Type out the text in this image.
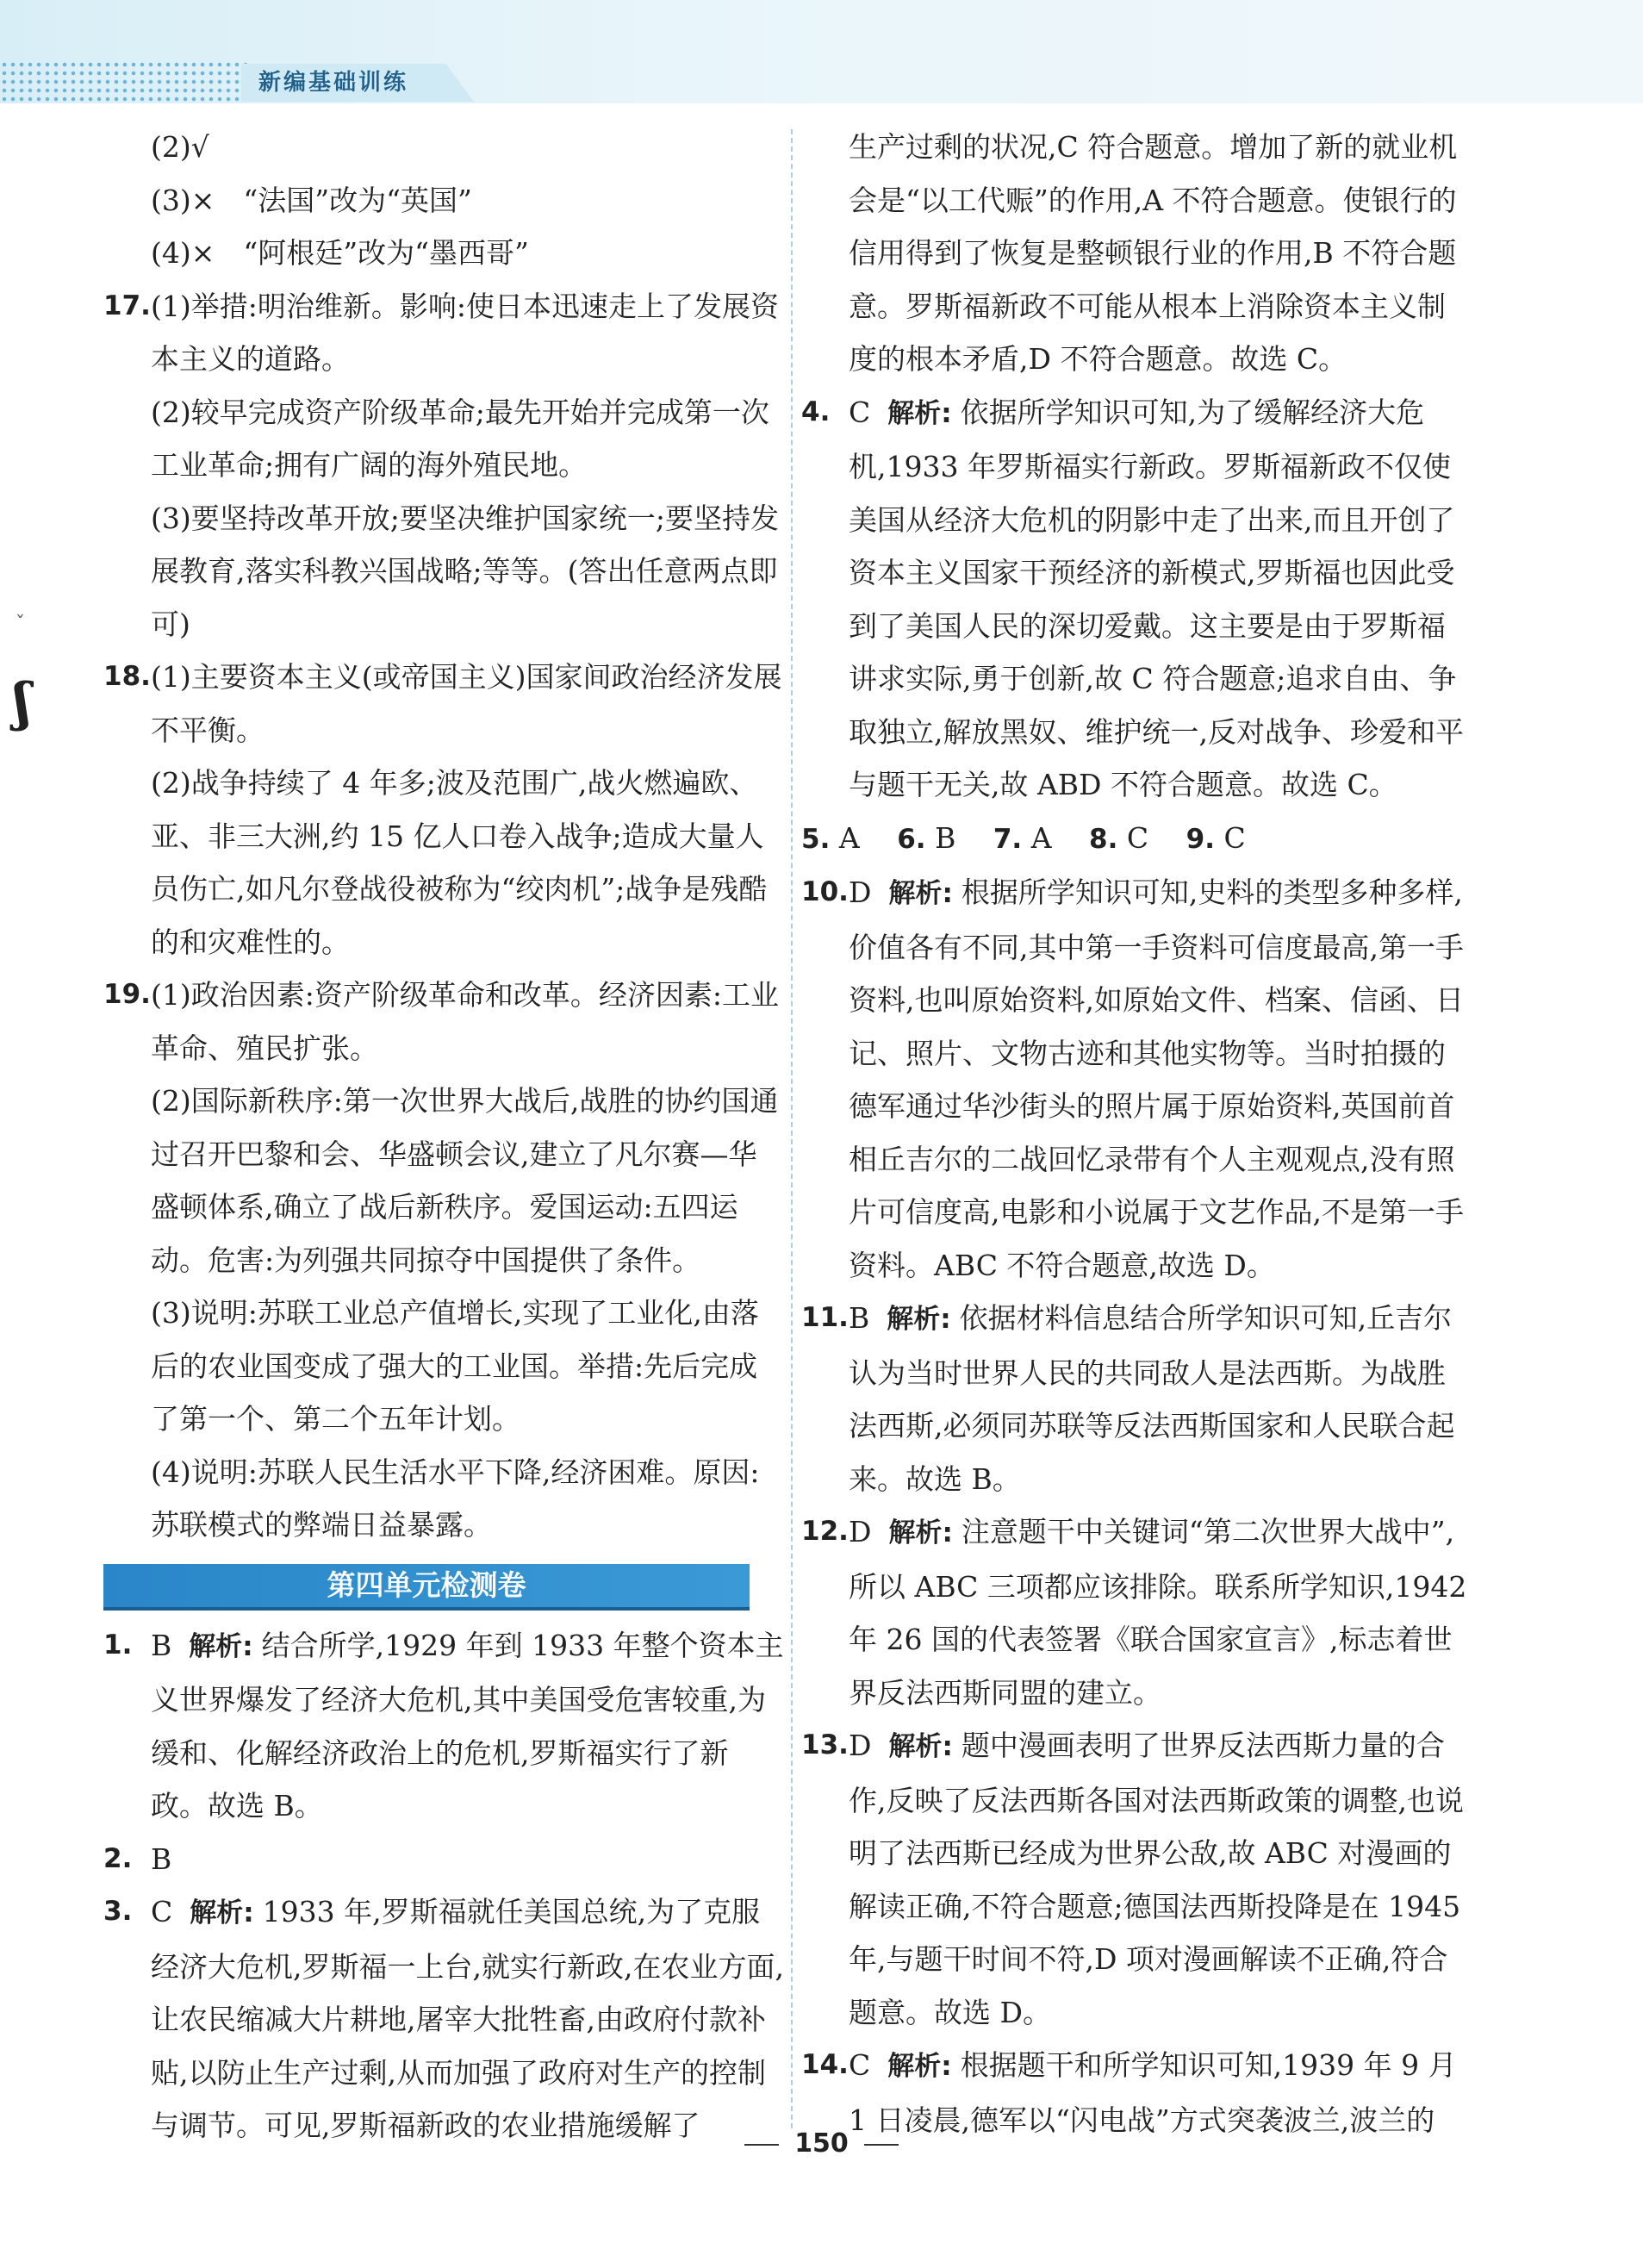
新编基础训练
ˇ
ʃ
(2)√
(3)×　“法国”改为“英国”
(4)×　“阿根廷”改为“墨西哥”
17. (1)举措:明治维新。影响:使日本迅速走上了发展资本主义的道路。
(2)较早完成资产阶级革命;最先开始并完成第一次工业革命;拥有广阔的海外殖民地。
(3)要坚持改革开放;要坚决维护国家统一;要坚持发展教育,落实科教兴国战略;等等。(答出任意两点即可)
18. (1)主要资本主义(或帝国主义)国家间政治经济发展不平衡。
(2)战争持续了 4 年多;波及范围广,战火燃遍欧、亚、非三大洲,约 15 亿人口卷入战争;造成大量人员伤亡,如凡尔登战役被称为“绞肉机”;战争是残酷的和灾难性的。
19. (1)政治因素:资产阶级革命和改革。经济因素:工业革命、殖民扩张。
(2)国际新秩序:第一次世界大战后,战胜的协约国通过召开巴黎和会、华盛顿会议,建立了凡尔赛—华盛顿体系,确立了战后新秩序。爱国运动:五四运动。危害:为列强共同掠夺中国提供了条件。
(3)说明:苏联工业总产值增长,实现了工业化,由落后的农业国变成了强大的工业国。举措:先后完成了第一个、第二个五年计划。
(4)说明:苏联人民生活水平下降,经济困难。原因:苏联模式的弊端日益暴露。
第四单元检测卷
1. B 解析: 结合所学,1929 年到 1933 年整个资本主义世界爆发了经济大危机,其中美国受危害较重,为缓和、化解经济政治上的危机,罗斯福实行了新政。故选 B。
2. B
3. C 解析: 1933 年,罗斯福就任美国总统,为了克服经济大危机,罗斯福一上台,就实行新政,在农业方面,让农民缩减大片耕地,屠宰大批牲畜,由政府付款补贴,以防止生产过剩,从而加强了政府对生产的控制与调节。可见,罗斯福新政的农业措施缓解了
生产过剩的状况,C 符合题意。增加了新的就业机会是“以工代赈”的作用,A 不符合题意。使银行的信用得到了恢复是整顿银行业的作用,B 不符合题意。罗斯福新政不可能从根本上消除资本主义制度的根本矛盾,D 不符合题意。故选 C。
4. C 解析: 依据所学知识可知,为了缓解经济大危机,1933 年罗斯福实行新政。罗斯福新政不仅使美国从经济大危机的阴影中走了出来,而且开创了资本主义国家干预经济的新模式,罗斯福也因此受到了美国人民的深切爱戴。这主要是由于罗斯福讲求实际,勇于创新,故 C 符合题意;追求自由、争取独立,解放黑奴、维护统一,反对战争、珍爱和平与题干无关,故 ABD 不符合题意。故选 C。
5. A　 6. B　 7. A　 8. C　 9. C
10. D 解析: 根据所学知识可知,史料的类型多种多样,价值各有不同,其中第一手资料可信度最高,第一手资料,也叫原始资料,如原始文件、档案、信函、日记、照片、文物古迹和其他实物等。当时拍摄的德军通过华沙街头的照片属于原始资料,英国前首相丘吉尔的二战回忆录带有个人主观观点,没有照片可信度高,电影和小说属于文艺作品,不是第一手资料。ABC 不符合题意,故选 D。
11. B 解析: 依据材料信息结合所学知识可知,丘吉尔认为当时世界人民的共同敌人是法西斯。为战胜法西斯,必须同苏联等反法西斯国家和人民联合起来。故选 B。
12. D 解析: 注意题干中关键词“第二次世界大战中”,所以 ABC 三项都应该排除。联系所学知识,1942 年 26 国的代表签署《联合国家宣言》,标志着世界反法西斯同盟的建立。
13. D 解析: 题中漫画表明了世界反法西斯力量的合作,反映了反法西斯各国对法西斯政策的调整,也说明了法西斯已经成为世界公敌,故 ABC 对漫画的解读正确,不符合题意;德国法西斯投降是在 1945 年,与题干时间不符,D 项对漫画解读不正确,符合题意。故选 D。
14. C 解析: 根据题干和所学知识可知,1939 年 9 月 1 日凌晨,德军以“闪电战”方式突袭波兰,波兰的
150
